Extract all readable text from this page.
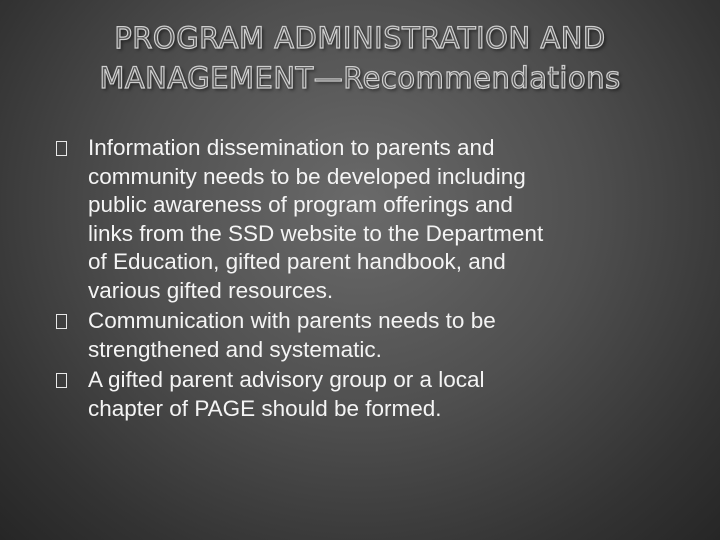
PROGRAM ADMINISTRATION AND
MANAGEMENT—Recommendations
Information dissemination to parents and
community needs to be developed including
public awareness of program offerings and
links from the SSD website to the Department
of Education, gifted parent handbook, and
various gifted resources.
Communication with parents needs to be
strengthened and systematic.
A gifted parent advisory group or a local
chapter of PAGE should be formed.
